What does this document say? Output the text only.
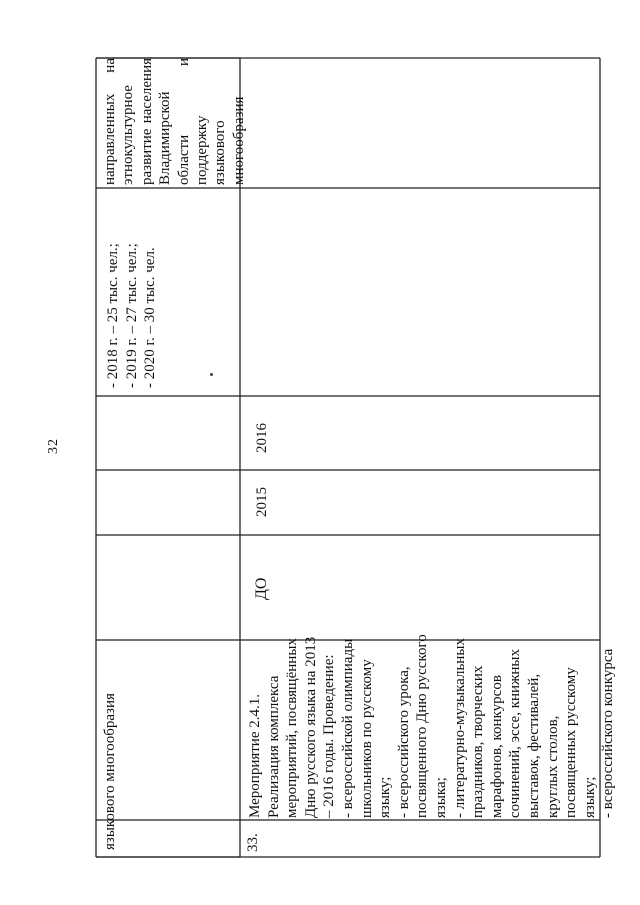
32
языкового многообразия
- 2018 г. – 25 тыс. чел.; - 2019 г. – 27 тыс. чел.; - 2020 г. – 30 тыс. чел.
направленных
на
этнокультурное развитие
населения
Владимирской области
и
поддержку языкового многообразия
33.
Мероприятие 2.4.1. Реализация комплекса мероприятий, посвящённых Дню русского языка на 2013 – 2016 годы. Проведение: - всероссийской олимпиады школьников по русскому языку; - всероссийского урока, посвященного Дню русского языка; - литературно-музыкальных праздников, творческих марафонов, конкурсов сочинений, эссе, книжных выставок, фестивалей, круглых столов, посвященных русскому языку; - всероссийского конкурса
ДО
2015
2016
